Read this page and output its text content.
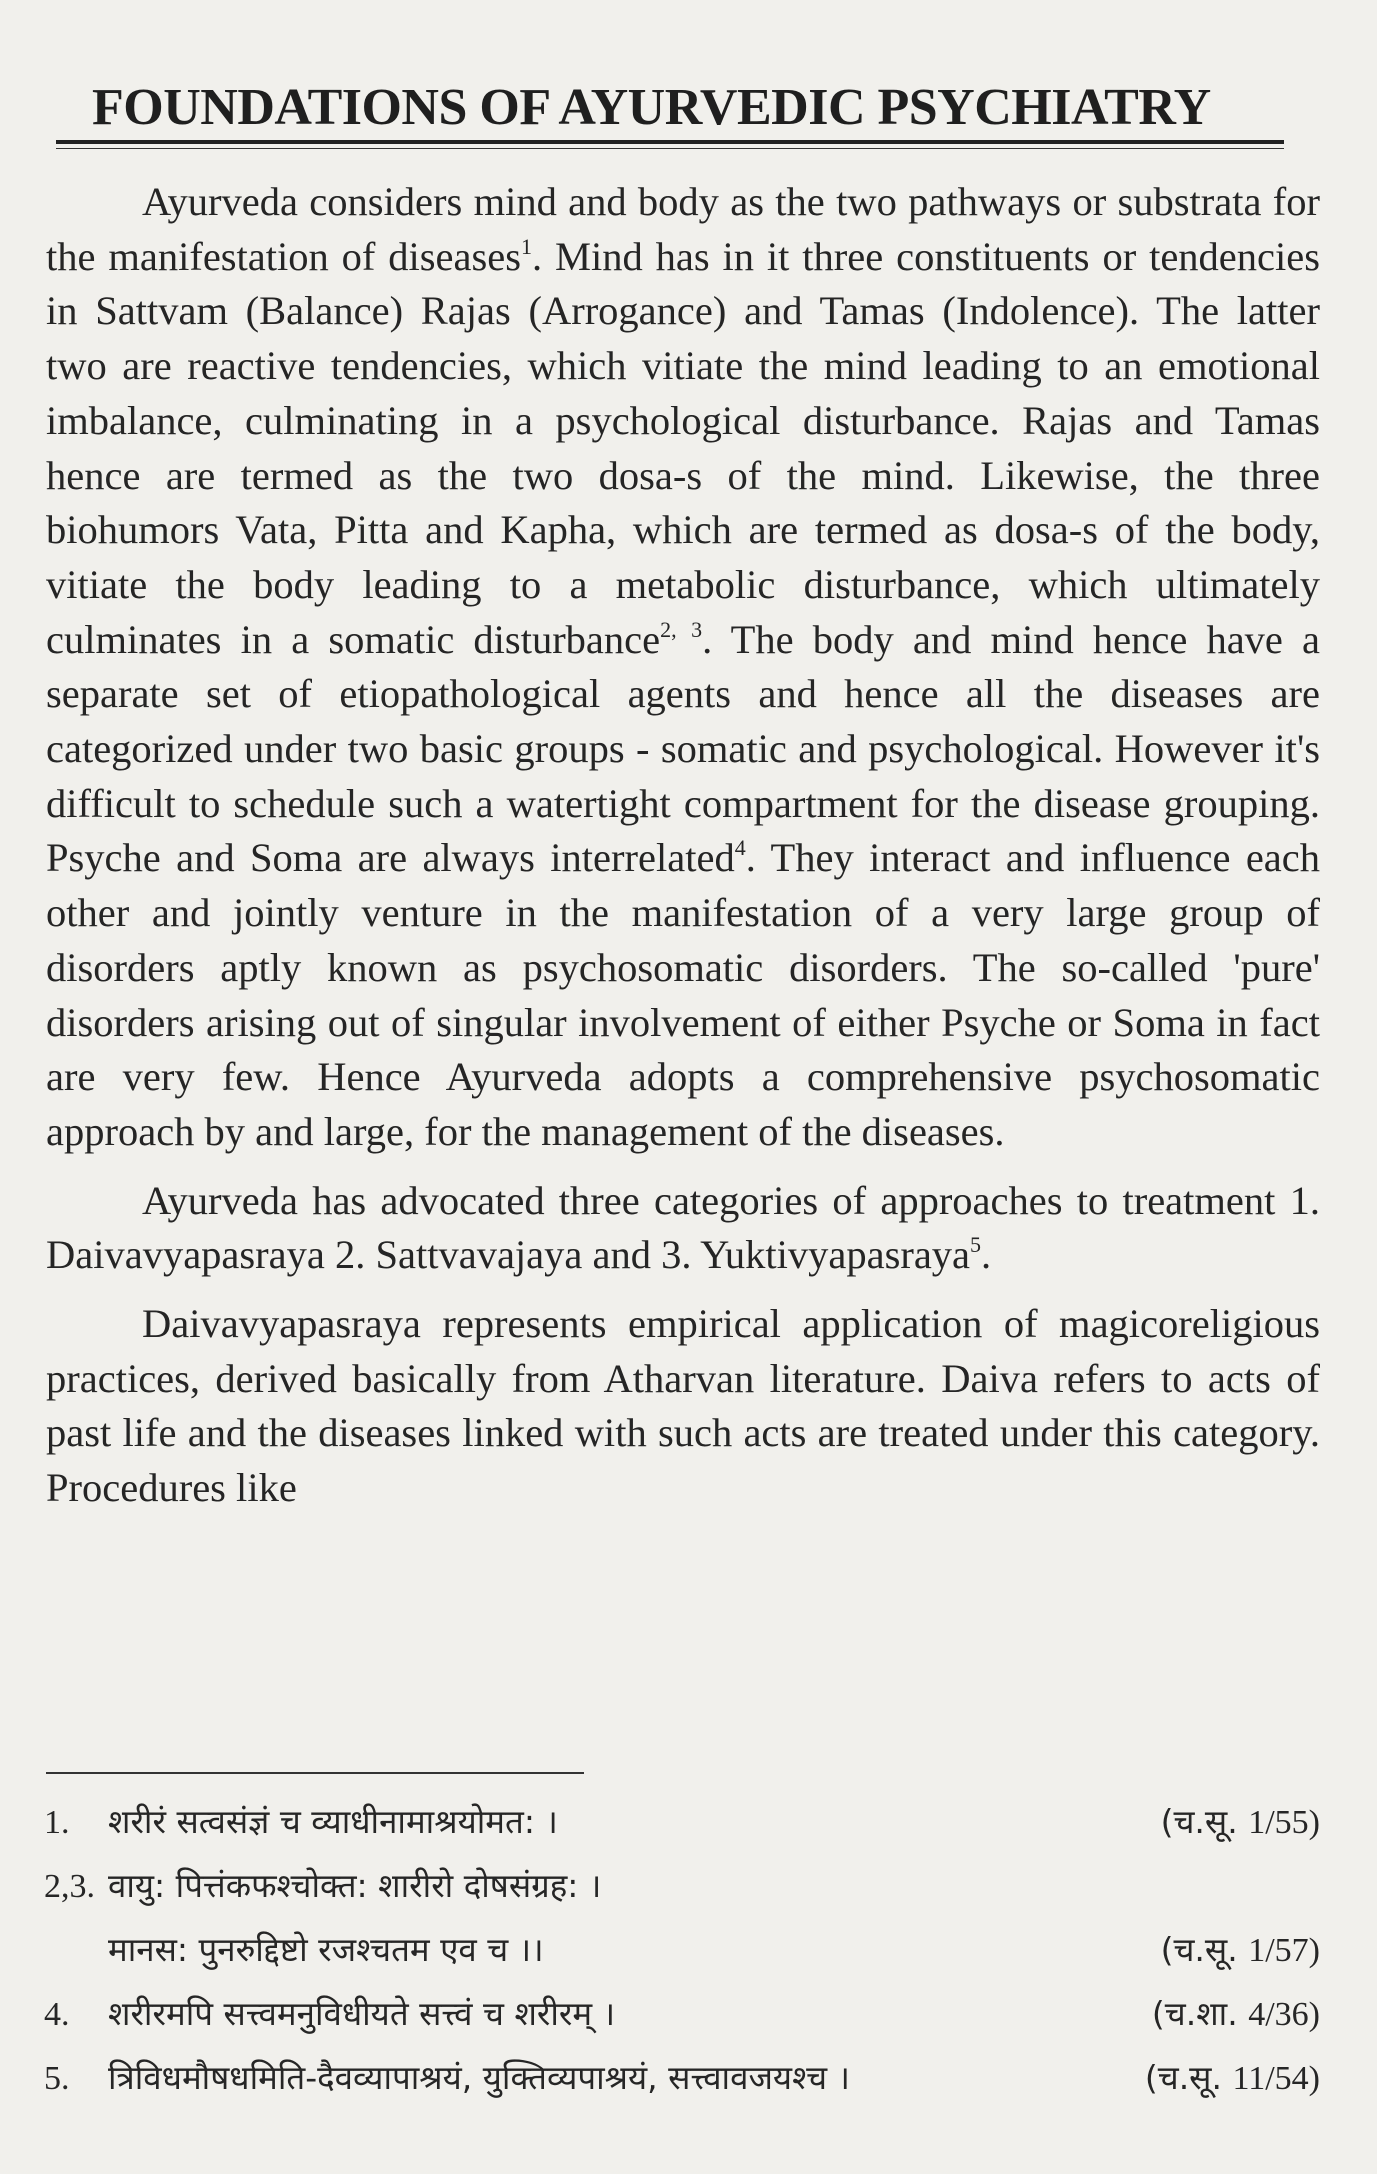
FOUNDATIONS OF AYURVEDIC PSYCHIATRY

Ayurveda considers mind and body as the two pathways or substrata for the manifestation of diseases$^1$. Mind has in it three constituents or tendencies in Sattvam (Balance) Rajas (Arrogance) and Tamas (Indolence). The latter two are reactive tendencies, which vitiate the mind leading to an emotional imbalance, culminating in a psychological disturbance. Rajas and Tamas hence are termed as the two dosa-s of the mind. Likewise, the three biohumors Vata, Pitta and Kapha, which are termed as dosa-s of the body, vitiate the body leading to a metabolic disturbance, which ultimately culminates in a somatic disturbance$^{2, 3}$. The body and mind hence have a separate set of etiopathological agents and hence all the diseases are categorized under two basic groups - somatic and psychological. However it's difficult to schedule such a watertight compartment for the disease grouping. Psyche and Soma are always interrelated$^4$. They interact and influence each other and jointly venture in the manifestation of a very large group of disorders aptly known as psychosomatic disorders. The so-called 'pure' disorders arising out of singular involvement of either Psyche or Soma in fact are very few. Hence Ayurveda adopts a comprehensive psychosomatic approach by and large, for the management of the diseases.

Ayurveda has advocated three categories of approaches to treatment 1. Daivavyapasraya 2. Sattvavajaya and 3. Yuktivyapasraya$^5$.

Daivavyapasraya represents empirical application of magicoreligious practices, derived basically from Atharvan literature. Daiva refers to acts of past life and the diseases linked with such acts are treated under this category. Procedures like

1.	शरीरं सत्वसंज्ञं च व्याधीनामाश्रयोमत: ।	(च.सू. 1/55)
2,3. वायु: पित्तंकफश्चोक्त: शारीरो दोषसंग्रह: ।
मानस: पुनरुद्दिष्टो रजश्चतम एव च ।।	(च.सू. 1/57)
4.	शरीरमपि सत्त्वमनुविधीयते सत्त्वं च शरीरम् ।	(च.शा. 4/36)
5.	त्रिविधमौषधमिति-दैवव्यापाश्रयं, युक्तिव्यपाश्रयं, सत्त्वावजयश्च ।	(च.सू. 11/54)
